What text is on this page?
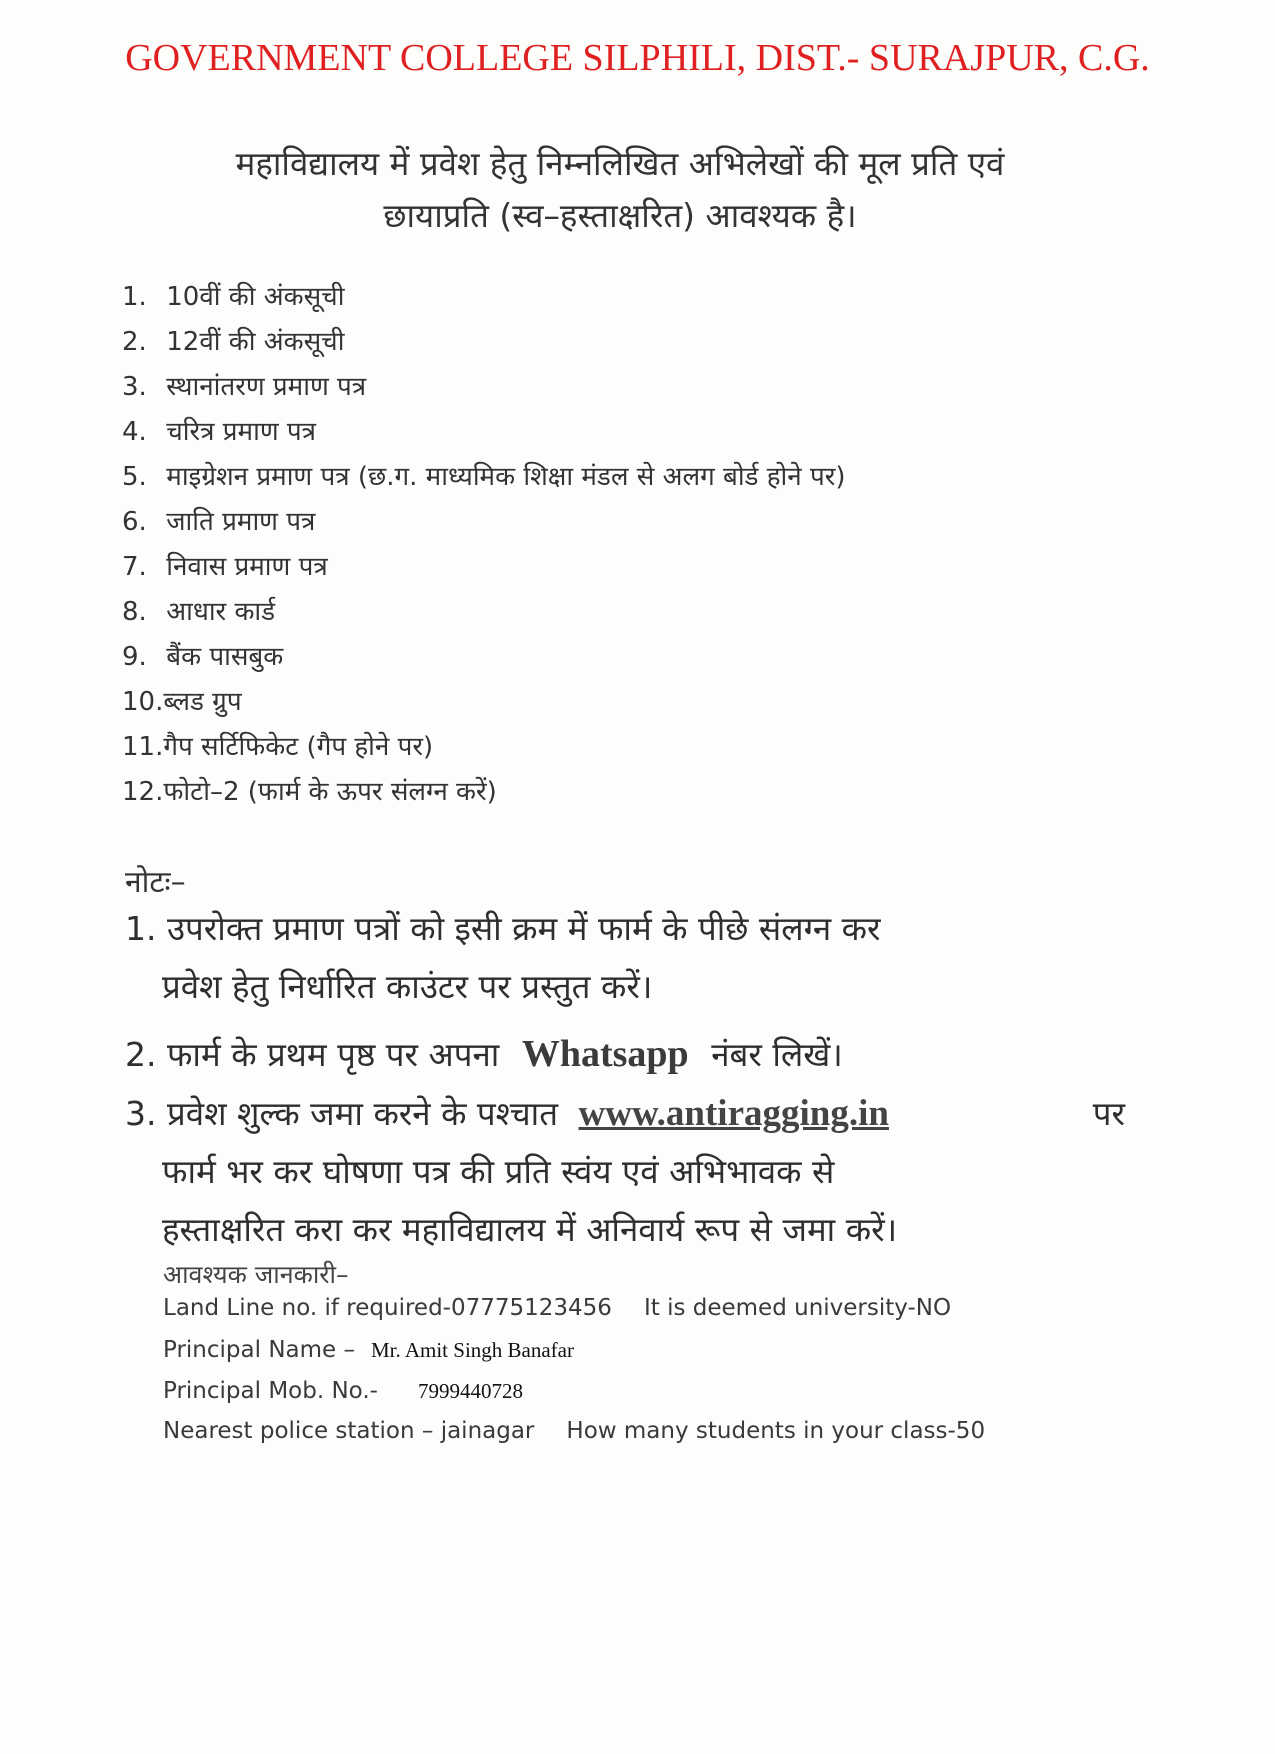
GOVERNMENT COLLEGE SILPHILI, DIST.- SURAJPUR, C.G.
महाविद्यालय में प्रवेश हेतु निम्नलिखित अभिलेखों की मूल प्रति एवं
छायाप्रति (स्व–हस्ताक्षरित) आवश्यक है।
1. 10वीं की अंकसूची
2. 12वीं की अंकसूची
3. स्थानांतरण प्रमाण पत्र
4. चरित्र प्रमाण पत्र
5. माइग्रेशन प्रमाण पत्र (छ.ग. माध्यमिक शिक्षा मंडल से अलग बोर्ड होने पर)
6. जाति प्रमाण पत्र
7. निवास प्रमाण पत्र
8. आधार कार्ड
9. बैंक पासबुक
10.ब्लड ग्रुप
11.गैप सर्टिफिकेट (गैप होने पर)
12.फोटो–2 (फार्म के ऊपर संलग्न करें)
नोटः–

1. उपरोक्त प्रमाण पत्रों को इसी क्रम में फार्म के पीछे संलग्न कर

प्रवेश हेतु निर्धारित काउंटर पर प्रस्तुत करें।

2. फार्म के प्रथम पृष्ठ पर अपना Whatsapp नंबर लिखें।

3. प्रवेश शुल्क जमा करने के पश्चात www.antiragging.in	पर

फार्म भर कर घोषणा पत्र की प्रति स्वंय एवं अभिभावक से

हस्ताक्षरित करा कर महाविद्यालय में अनिवार्य रूप से जमा करें।

आवश्यक जानकारी–
Land Line no. if required-07775123456 It is deemed university-NO
Principal Name – Mr. Amit Singh Banafar
Principal Mob. No.- 7999440728
Nearest police station – jainagar How many students in your class-50
